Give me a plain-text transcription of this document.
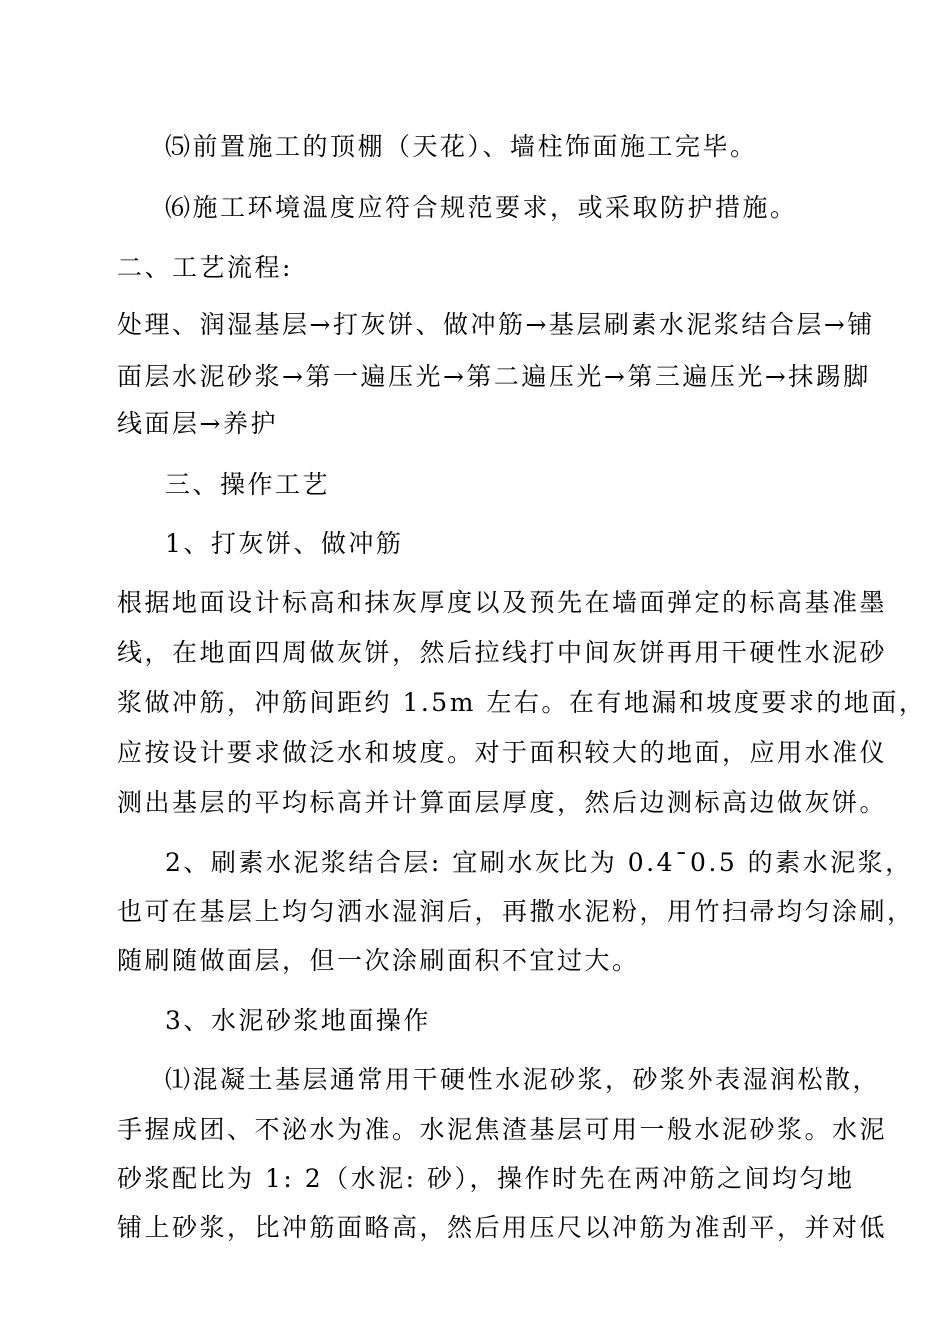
⑸前置施工的顶棚（天花）、墙柱饰面施工完毕。
⑹施工环境温度应符合规范要求，或采取防护措施。
二、工艺流程:
处理、润湿基层→打灰饼、做冲筋→基层刷素水泥浆结合层→铺
面层水泥砂浆→第一遍压光→第二遍压光→第三遍压光→抹踢脚
线面层→养护
三、操作工艺
1、打灰饼、做冲筋
根据地面设计标高和抹灰厚度以及预先在墙面弹定的标高基准墨
线，在地面四周做灰饼，然后拉线打中间灰饼再用干硬性水泥砂
浆做冲筋，冲筋间距约 1.5m 左右。在有地漏和坡度要求的地面，
应按设计要求做泛水和坡度。对于面积较大的地面，应用水准仪
测出基层的平均标高并计算面层厚度，然后边测标高边做灰饼。
2、刷素水泥浆结合层: 宜刷水灰比为 0.4¯0.5 的素水泥浆，
也可在基层上均匀洒水湿润后，再撒水泥粉，用竹扫帚均匀涂刷，
随刷随做面层，但一次涂刷面积不宜过大。
3、水泥砂浆地面操作
⑴混凝土基层通常用干硬性水泥砂浆，砂浆外表湿润松散，
手握成团、不泌水为准。水泥焦渣基层可用一般水泥砂浆。水泥
砂浆配比为 1: 2（水泥: 砂），操作时先在两冲筋之间均匀地
铺上砂浆，比冲筋面略高，然后用压尺以冲筋为准刮平，并对低
